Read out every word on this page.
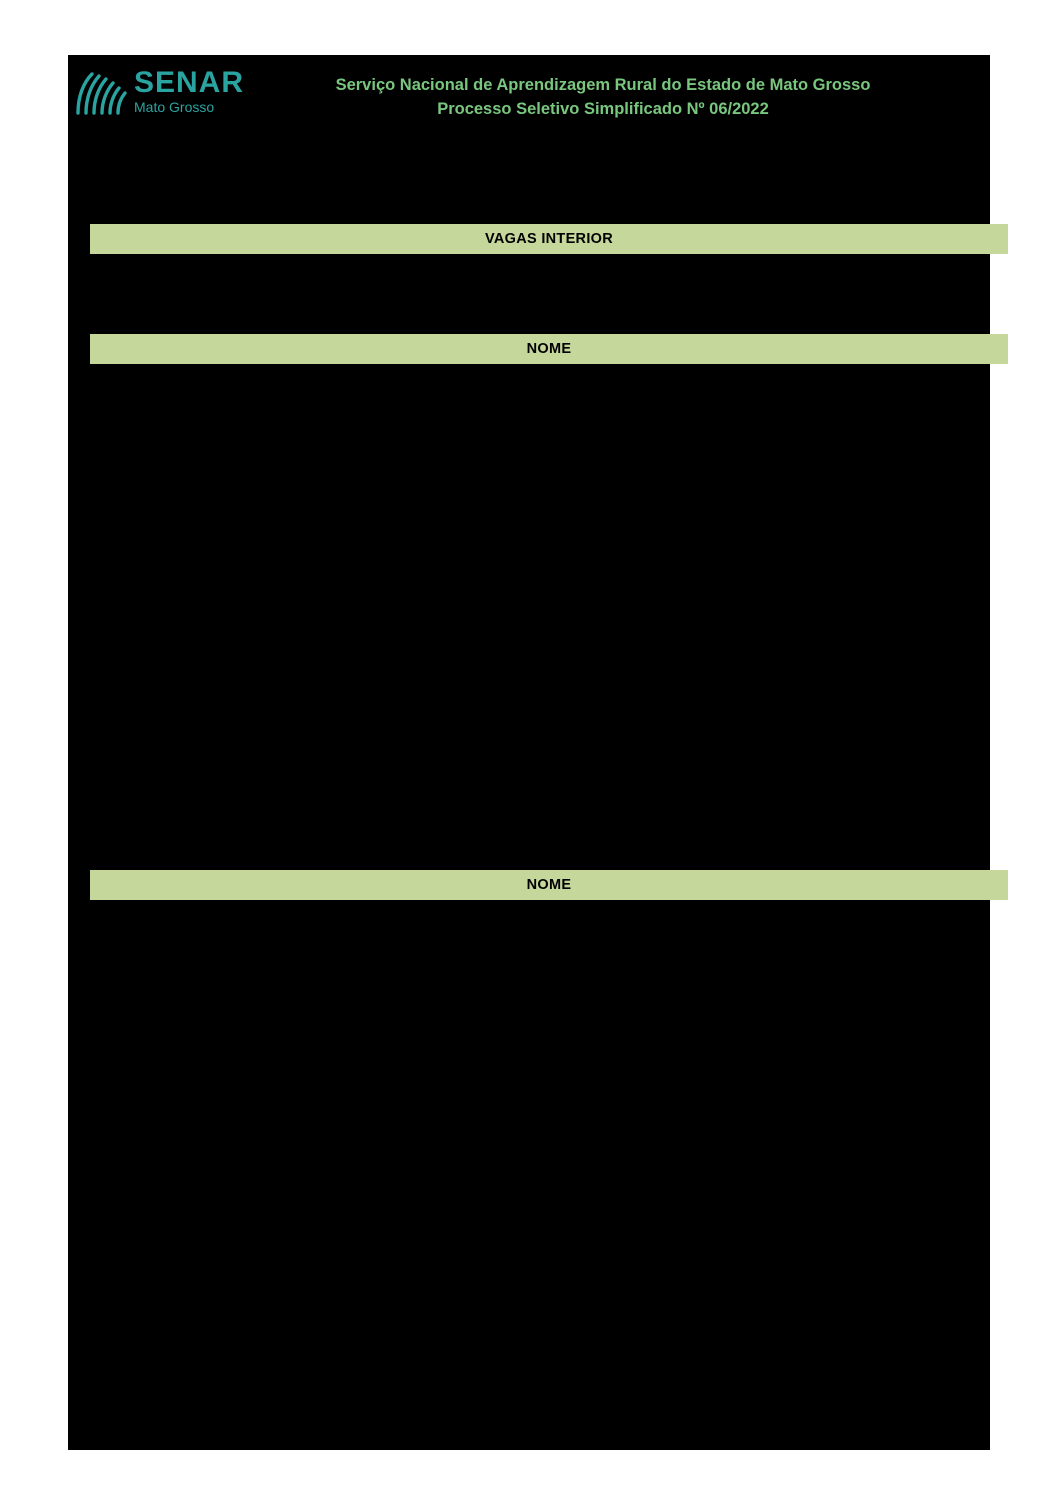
SENAR
Mato Grosso
Serviço Nacional de Aprendizagem Rural do Estado de Mato Grosso
Processo Seletivo Simplificado Nº 06/2022
VAGAS INTERIOR
NOME
NOME
